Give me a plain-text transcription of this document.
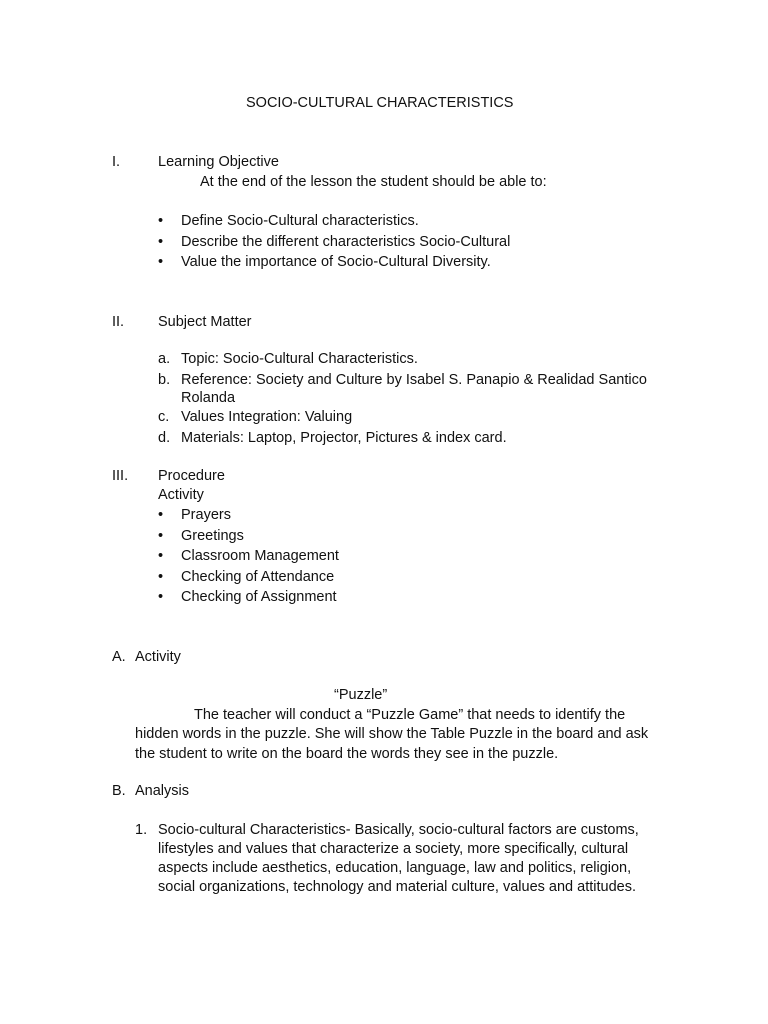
SOCIO-CULTURAL CHARACTERISTICS
I.	Learning Objective
At the end of the lesson the student should be able to:
•
Define Socio-Cultural characteristics.
•
Describe the different characteristics Socio-Cultural
•
Value the importance of Socio-Cultural Diversity.
II. Subject Matter
a. Topic: Socio-Cultural Characteristics.
b. Reference: Society and Culture by Isabel S. Panapio & Realidad Santico
Rolanda
c. Values Integration: Valuing
d. Materials: Laptop, Projector, Pictures & index card.
III. Procedure
Activity
•
Prayers
•
Greetings
•
Classroom Management
•
Checking of Attendance
•
Checking of Assignment
A. Activity
“Puzzle”
The teacher will conduct a “Puzzle Game” that needs to identify the
hidden words in the puzzle. She will show the Table Puzzle in the board and ask
the student to write on the board the words they see in the puzzle.
B. Analysis
1. Socio-cultural Characteristics- Basically, socio-cultural factors are customs,
lifestyles and values that characterize a society, more specifically, cultural
aspects include aesthetics, education, language, law and politics, religion,
social organizations, technology and material culture, values and attitudes.
